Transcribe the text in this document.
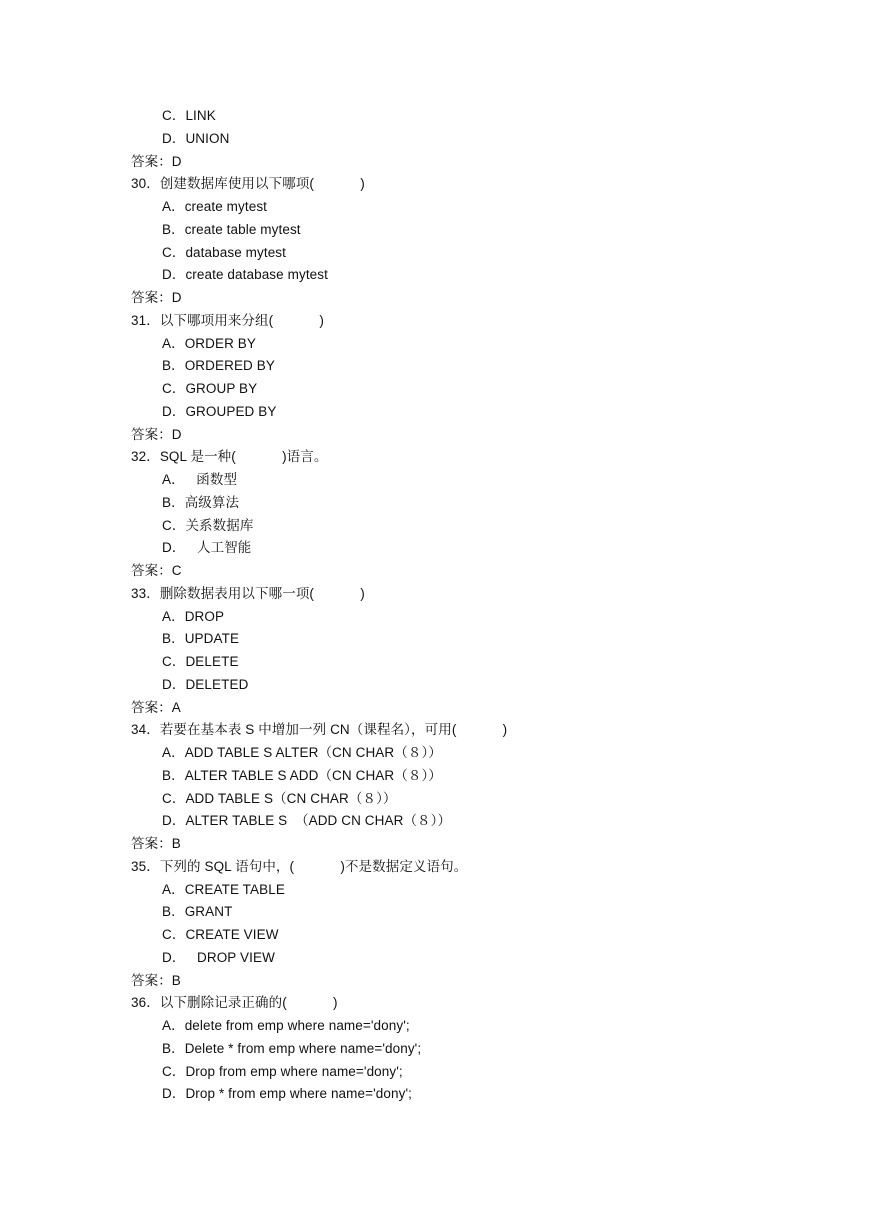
C．LINK
D．UNION
答案：D
30．创建数据库使用以下哪项(            )
A．create mytest
B．create table mytest
C．database mytest
D．create database mytest
答案：D
31．以下哪项用来分组(            )
A．ORDER BY
B．ORDERED BY
C．GROUP BY
D．GROUPED BY
答案：D
32．SQL 是一种(            )语言。
A．   函数型
B．高级算法
C．关系数据库
D．   人工智能
答案：C
33．删除数据表用以下哪一项(            )
A．DROP
B．UPDATE
C．DELETE
D．DELETED
答案：A
34．若要在基本表 S 中增加一列 CN（课程名），可用(            )
A．ADD TABLE S ALTER（CN CHAR（８））
B．ALTER TABLE S ADD（CN CHAR（８））
C．ADD TABLE S（CN CHAR（８））
D．ALTER TABLE S  （ADD CN CHAR（８））
答案：B
35．下列的 SQL 语句中，(            )不是数据定义语句。
A．CREATE TABLE
B．GRANT
C．CREATE VIEW
D．   DROP VIEW
答案：B
36．以下删除记录正确的(            )
A．delete from emp where name='dony';
B．Delete * from emp where name='dony';
C．Drop from emp where name='dony';
D．Drop * from emp where name='dony';
